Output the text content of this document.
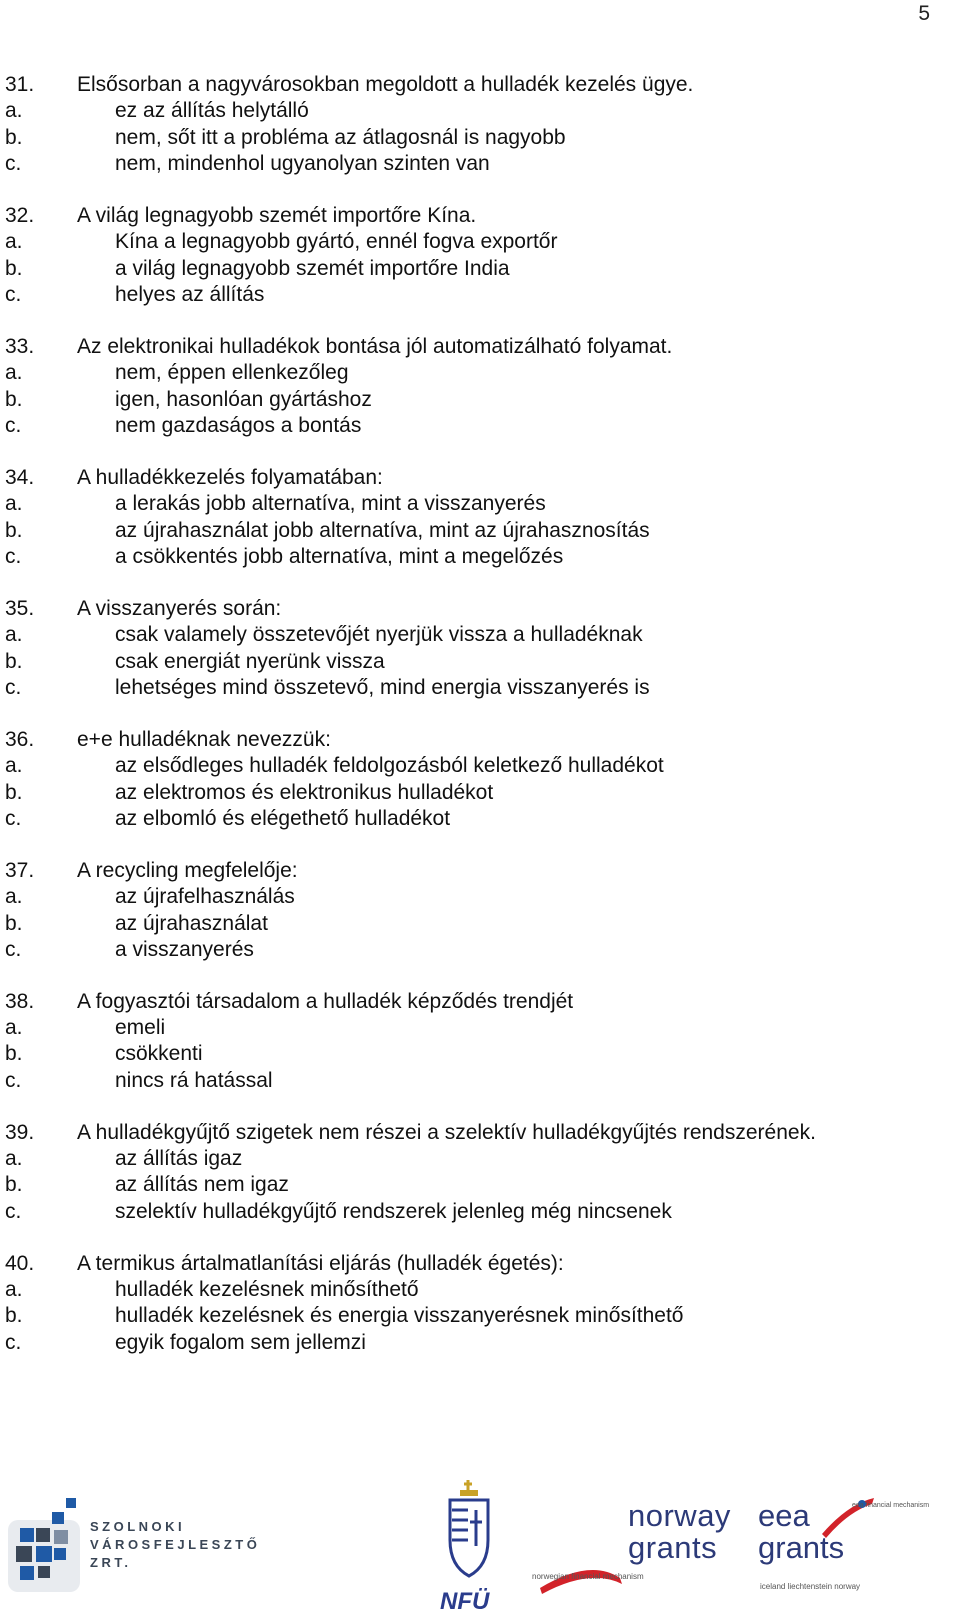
5
31. Elsősorban a nagyvárosokban megoldott a hulladék kezelés ügye.
a.	ez az állítás helytálló
b.	nem, sőt itt a probléma az átlagosnál is nagyobb
c.	nem, mindenhol ugyanolyan szinten van
32. A világ legnagyobb szemét importőre Kína.
a.	Kína a legnagyobb gyártó, ennél fogva exportőr
b.	a világ legnagyobb szemét importőre India
c.	helyes az állítás
33. Az elektronikai hulladékok bontása jól automatizálható folyamat.
a.	nem, éppen ellenkezőleg
b.	igen, hasonlóan gyártáshoz
c.	nem gazdaságos a bontás
34. A hulladékkezelés folyamatában:
a.	a lerakás jobb alternatíva, mint a visszanyerés
b.	az újrahasználat jobb alternatíva, mint az újrahasznosítás
c.	a csökkentés jobb alternatíva, mint a megelőzés
35. A visszanyerés során:
a.	csak valamely összetevőjét nyerjük vissza a hulladéknak
b.	csak energiát nyerünk vissza
c.	lehetséges mind összetevő, mind energia visszanyerés is
36. e+e hulladéknak nevezzük:
a.	az elsődleges hulladék feldolgozásból keletkező hulladékot
b.	az elektromos és elektronikus hulladékot
c.	az elbomló és elégethető hulladékot
37. A recycling megfelelője:
a.	az újrafelhasználás
b.	az újrahasználat
c.	a visszanyerés
38. A fogyasztói társadalom a hulladék képződés trendjét
a.	emeli
b.	csökkenti
c.	nincs rá hatással
39. A hulladékgyűjtő szigetek nem részei a szelektív hulladékgyűjtés rendszerének.
a.	az állítás igaz
b.	az állítás nem igaz
c.	szelektív hulladékgyűjtő rendszerek jelenleg még nincsenek
40. A termikus ártalmatlanítási eljárás (hulladék égetés):
a.	hulladék kezelésnek minősíthető
b.	hulladék kezelésnek és energia visszanyerésnek minősíthető
c.	egyik fogalom sem jellemzi
SZOLNOKI
VÁROSFEJLESZTŐ
ZRT.
NFÜ
norway
grants
norwegian financial mechanism
eea
grants
eea financial mechanism
iceland liechtenstein norway
